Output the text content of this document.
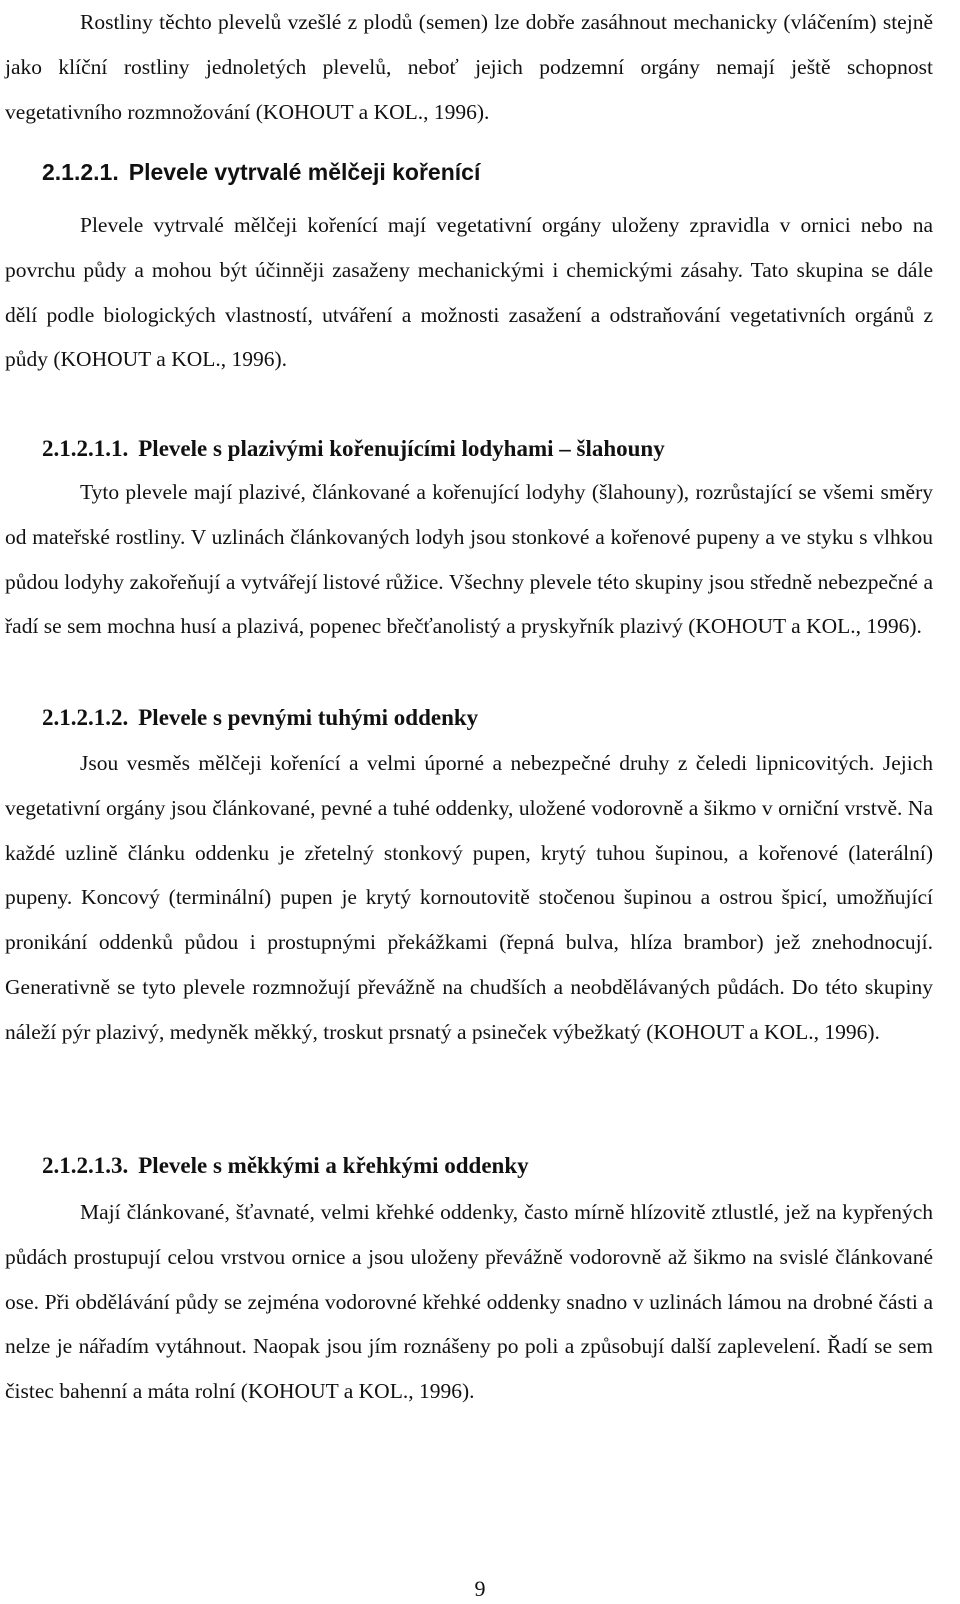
Rostliny těchto plevelů vzešlé z plodů (semen) lze dobře zasáhnout mechanicky (vláčením) stejně jako klíční rostliny jednoletých plevelů, neboť jejich podzemní orgány nemají ještě schopnost vegetativního rozmnožování (KOHOUT a KOL., 1996).

2.1.2.1. Plevele vytrvalé mělčeji kořenící

Plevele vytrvalé mělčeji kořenící mají vegetativní orgány uloženy zpravidla v ornici nebo na povrchu půdy a mohou být účinněji zasaženy mechanickými i chemickými zásahy. Tato skupina se dále dělí podle biologických vlastností, utváření a možnosti zasažení a odstraňování vegetativních orgánů z půdy (KOHOUT a KOL., 1996).

2.1.2.1.1. Plevele s plazivými kořenujícími lodyhami – šlahouny

Tyto plevele mají plazivé, článkované a kořenující lodyhy (šlahouny), rozrůstající se všemi směry od mateřské rostliny. V uzlinách článkovaných lodyh jsou stonkové a kořenové pupeny a ve styku s vlhkou půdou lodyhy zakořeňují a vytvářejí listové růžice. Všechny plevele této skupiny jsou středně nebezpečné a řadí se sem mochna husí a plazivá, popenec břečťanolistý a pryskyřník plazivý (KOHOUT a KOL., 1996).

2.1.2.1.2. Plevele s pevnými tuhými oddenky

Jsou vesměs mělčeji kořenící a velmi úporné a nebezpečné druhy z čeledi lipnicovitých. Jejich vegetativní orgány jsou článkované, pevné a tuhé oddenky, uložené vodorovně a šikmo v orniční vrstvě. Na každé uzlině článku oddenku je zřetelný stonkový pupen, krytý tuhou šupinou, a kořenové (laterální) pupeny. Koncový (terminální) pupen je krytý kornoutovitě stočenou šupinou a ostrou špicí, umožňující pronikání oddenků půdou i prostupnými překážkami (řepná bulva, hlíza brambor) jež znehodnocují. Generativně se tyto plevele rozmnožují převážně na chudších a neobdělávaných půdách. Do této skupiny náleží pýr plazivý, medyněk měkký, troskut prsnatý a psineček výbežkatý (KOHOUT a KOL., 1996).

2.1.2.1.3. Plevele s měkkými a křehkými oddenky

Mají článkované, šťavnaté, velmi křehké oddenky, často mírně hlízovitě ztlustlé, jež na kypřených půdách prostupují celou vrstvou ornice a jsou uloženy převážně vodorovně až šikmo na svislé článkované ose. Při obdělávání půdy se zejména vodorovné křehké oddenky snadno v uzlinách lámou na drobné části a nelze je nářadím vytáhnout. Naopak jsou jím roznášeny po poli a způsobují další zaplevelení. Řadí se sem čistec bahenní a máta rolní (KOHOUT a KOL., 1996).

9
